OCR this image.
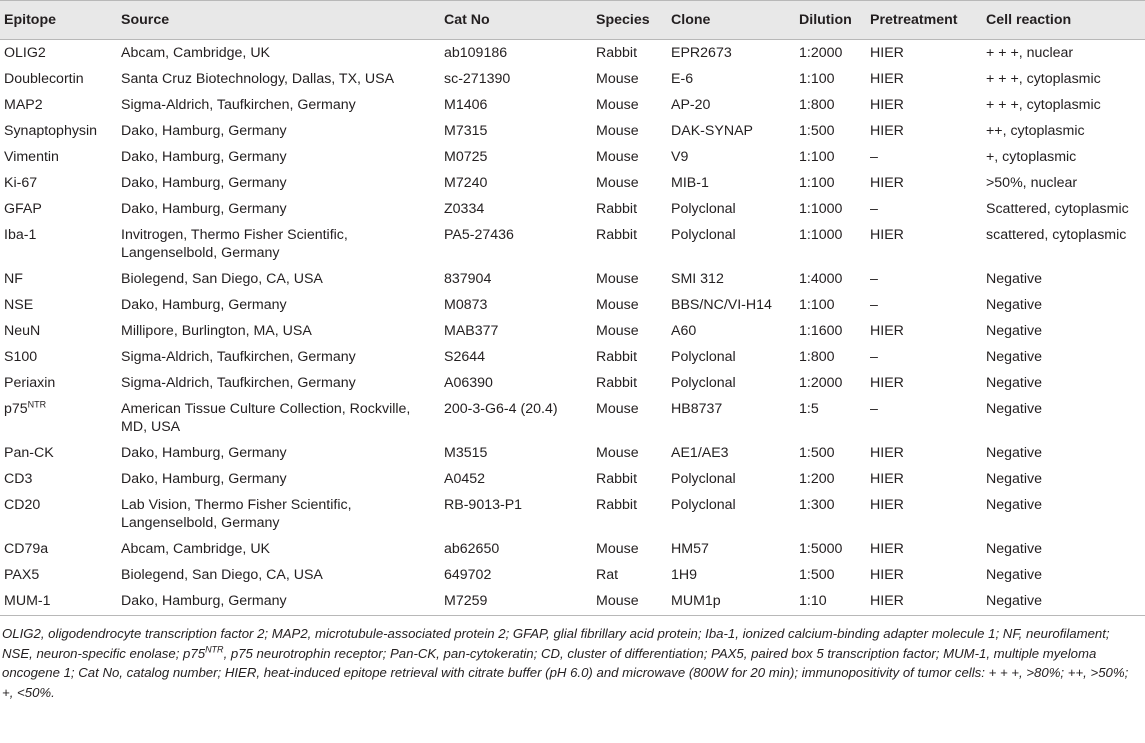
Epitope	Source	Cat No	Species	Clone	Dilution	Pretreatment	Cell reaction
OLIG2	Abcam, Cambridge, UK	ab109186	Rabbit	EPR2673	1:2000	HIER	+ + +, nuclear
Doublecortin	Santa Cruz Biotechnology, Dallas, TX, USA	sc-271390	Mouse	E-6	1:100	HIER	+ + +, cytoplasmic
MAP2	Sigma-Aldrich, Taufkirchen, Germany	M1406	Mouse	AP-20	1:800	HIER	+ + +, cytoplasmic
Synaptophysin	Dako, Hamburg, Germany	M7315	Mouse	DAK-SYNAP	1:500	HIER	++, cytoplasmic
Vimentin	Dako, Hamburg, Germany	M0725	Mouse	V9	1:100	–	+, cytoplasmic
Ki-67	Dako, Hamburg, Germany	M7240	Mouse	MIB-1	1:100	HIER	>50%, nuclear
GFAP	Dako, Hamburg, Germany	Z0334	Rabbit	Polyclonal	1:1000	–	Scattered, cytoplasmic
Iba-1	Invitrogen, Thermo Fisher Scientific, Langenselbold, Germany	PA5-27436	Rabbit	Polyclonal	1:1000	HIER	scattered, cytoplasmic
NF	Biolegend, San Diego, CA, USA	837904	Mouse	SMI 312	1:4000	–	Negative
NSE	Dako, Hamburg, Germany	M0873	Mouse	BBS/NC/VI-H14	1:100	–	Negative
NeuN	Millipore, Burlington, MA, USA	MAB377	Mouse	A60	1:1600	HIER	Negative
S100	Sigma-Aldrich, Taufkirchen, Germany	S2644	Rabbit	Polyclonal	1:800	–	Negative
Periaxin	Sigma-Aldrich, Taufkirchen, Germany	A06390	Rabbit	Polyclonal	1:2000	HIER	Negative
$p75^{NTR}$	American Tissue Culture Collection, Rockville, MD, USA	200-3-G6-4 (20.4)	Mouse	HB8737	1:5	–	Negative
Pan-CK	Dako, Hamburg, Germany	M3515	Mouse	AE1/AE3	1:500	HIER	Negative
CD3	Dako, Hamburg, Germany	A0452	Rabbit	Polyclonal	1:200	HIER	Negative
CD20	Lab Vision, Thermo Fisher Scientific, Langenselbold, Germany	RB-9013-P1	Rabbit	Polyclonal	1:300	HIER	Negative
CD79a	Abcam, Cambridge, UK	ab62650	Mouse	HM57	1:5000	HIER	Negative
PAX5	Biolegend, San Diego, CA, USA	649702	Rat	1H9	1:500	HIER	Negative
MUM-1	Dako, Hamburg, Germany	M7259	Mouse	MUM1p	1:10	HIER	Negative

OLIG2, oligodendrocyte transcription factor 2; MAP2, microtubule-associated protein 2; GFAP, glial fibrillary acid protein; Iba-1, ionized calcium-binding adapter molecule 1; NF, neurofilament; NSE, neuron-specific enolase; $p75^{NTR}$, p75 neurotrophin receptor; Pan-CK, pan-cytokeratin; CD, cluster of differentiation; PAX5, paired box 5 transcription factor; MUM-1, multiple myeloma oncogene 1; Cat No, catalog number; HIER, heat-induced epitope retrieval with citrate buffer (pH 6.0) and microwave (800W for 20 min); immunopositivity of tumor cells: + + +, >80%; ++, >50%; +, <50%.
